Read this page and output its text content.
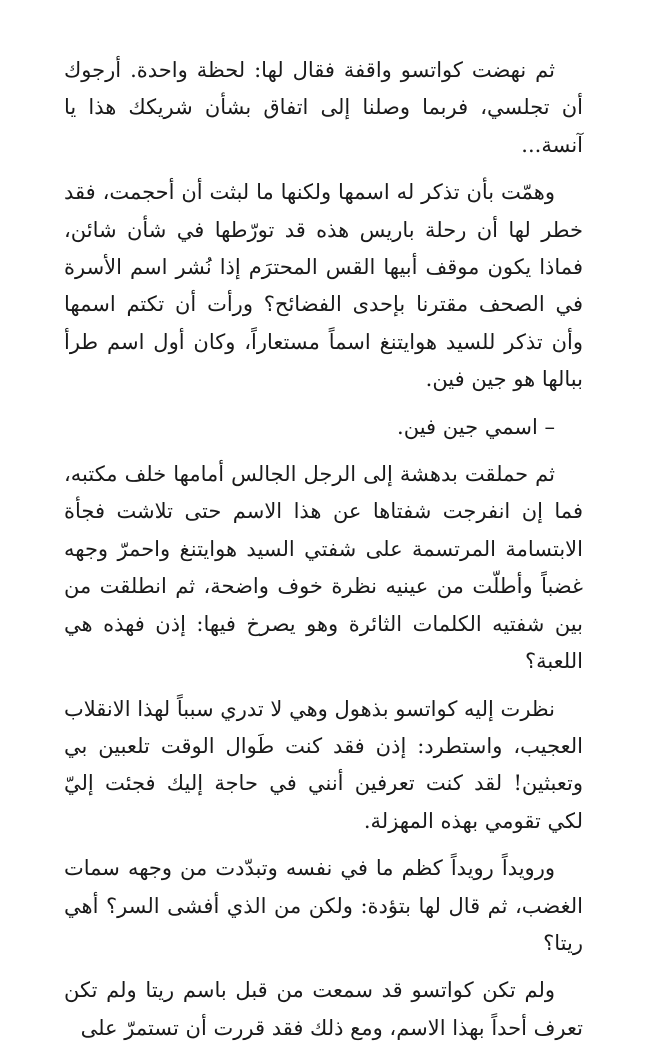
ثم نهضت كواتسو واقفة فقال لها: لحظة واحدة. أرجوك أن تجلسي، فربما وصلنا إلى اتفاق بشأن شريكك هذا يا آنسة...

وهمّت بأن تذكر له اسمها ولكنها ما لبثت أن أحجمت، فقد خطر لها أن رحلة باريس هذه قد تورّطها في شأن شائن، فماذا يكون موقف أبيها القس المحترَم إذا نُشر اسم الأسرة في الصحف مقترنا بإحدى الفضائح؟ ورأت أن تكتم اسمها وأن تذكر للسيد هوايتنغ اسماً مستعاراً، وكان أول اسم طرأ ببالها هو جين فين.

– اسمي جين فين.

ثم حملقت بدهشة إلى الرجل الجالس أمامها خلف مكتبه، فما إن انفرجت شفتاها عن هذا الاسم حتى تلاشت فجأة الابتسامة المرتسمة على شفتي السيد هوايتنغ واحمرّ وجهه غضباً وأطلّت من عينيه نظرة خوف واضحة، ثم انطلقت من بين شفتيه الكلمات الثائرة وهو يصرخ فيها: إذن فهذه هي اللعبة؟

نظرت إليه كواتسو بذهول وهي لا تدري سبباً لهذا الانقلاب العجيب، واستطرد: إذن فقد كنت طَوال الوقت تلعبين بي وتعبثين! لقد كنت تعرفين أنني في حاجة إليك فجئت إليّ لكي تقومي بهذه المهزلة.

ورويداً رويداً كظم ما في نفسه وتبدّدت من وجهه سمات الغضب، ثم قال لها بتؤدة: ولكن من الذي أفشى السر؟ أهي ريتا؟

ولم تكن كواتسو قد سمعت من قبل باسم ريتا ولم تكن تعرف أحداً بهذا الاسم، ومع ذلك فقد قررت أن تستمرّ على
